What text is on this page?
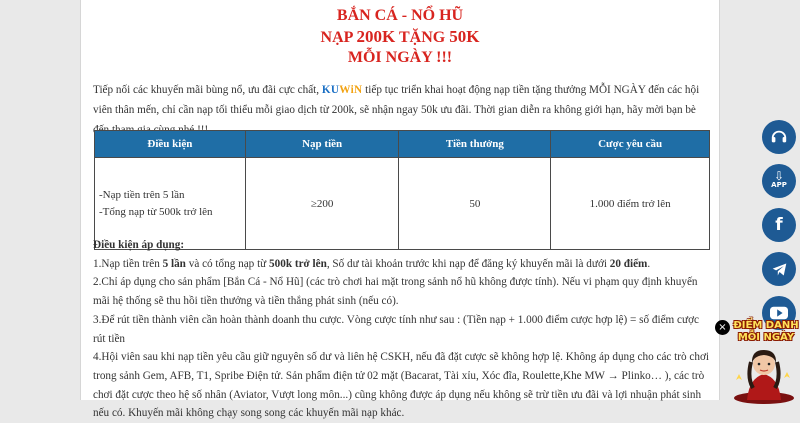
BẮN CÁ - NỔ HŨ
NẠP 200K TẶNG 50K
MỖI NGÀY !!!

Tiếp nối các khuyến mãi bùng nổ, ưu đãi cực chất, KUWiN tiếp tục triển khai hoạt động nạp tiền tặng thưởng MỖI NGÀY đến các hội viên thân mến, chỉ cần nạp tối thiểu mỗi giao dịch từ 200k, sẽ nhận ngay 50k ưu đãi. Thời gian diễn ra không giới hạn, hãy mời bạn bè

Điều kiện	Nạp tiền	Tiền thưởng	Cược yêu cầu

-Nạp tiền trên 5 lần
-Tổng nạp từ 500k trở lên	≥200	50	1.000 điểm trở lên
Điều kiện áp dụng:
1.Nạp tiền trên 5 lần và có tổng nạp từ 500k trở lên, Số dư tài khoản trước khi nạp để đăng ký khuyến mãi là dưới 20 điểm.
2.Chỉ áp dụng cho sản phẩm [Bắn Cá - Nổ Hũ] (các trò chơi hai mặt trong sảnh nổ hũ không được tính). Nếu vi phạm quy định khuyến mãi hệ thống sẽ thu hồi tiền thưởng và tiền thắng phát sinh (nếu có).
3.Để rút tiền thành viên cần hoàn thành doanh thu cược. Vòng cược tính như sau : (Tiền nạp + 1.000 điểm cược hợp lệ) = số điểm cược rút tiền
4.Hội viên sau khi nạp tiền yêu cầu giữ nguyên số dư và liên hệ CSKH, nếu đã đặt cược sẽ không hợp lệ. Không áp dụng cho các trò chơi trong sảnh Gem, AFB, T1, Spribe Điện tử. Sản phẩm điện tử 02 mặt (Bacarat, Tài xỉu, Xóc đĩa, Roulette,Khe MW → Plinko… ), các trò chơi đặt cược theo hệ số nhân (Aviator, Vượt long môn...) cũng không được áp dụng nếu không sẽ trừ tiền ưu đãi và lợi nhuận phát sinh nếu có. Khuyến mãi không chạy song song các khuyến mãi nạp khác.
⇩
APP
f
× ĐIỂM DANH
MỖI NGÀY
